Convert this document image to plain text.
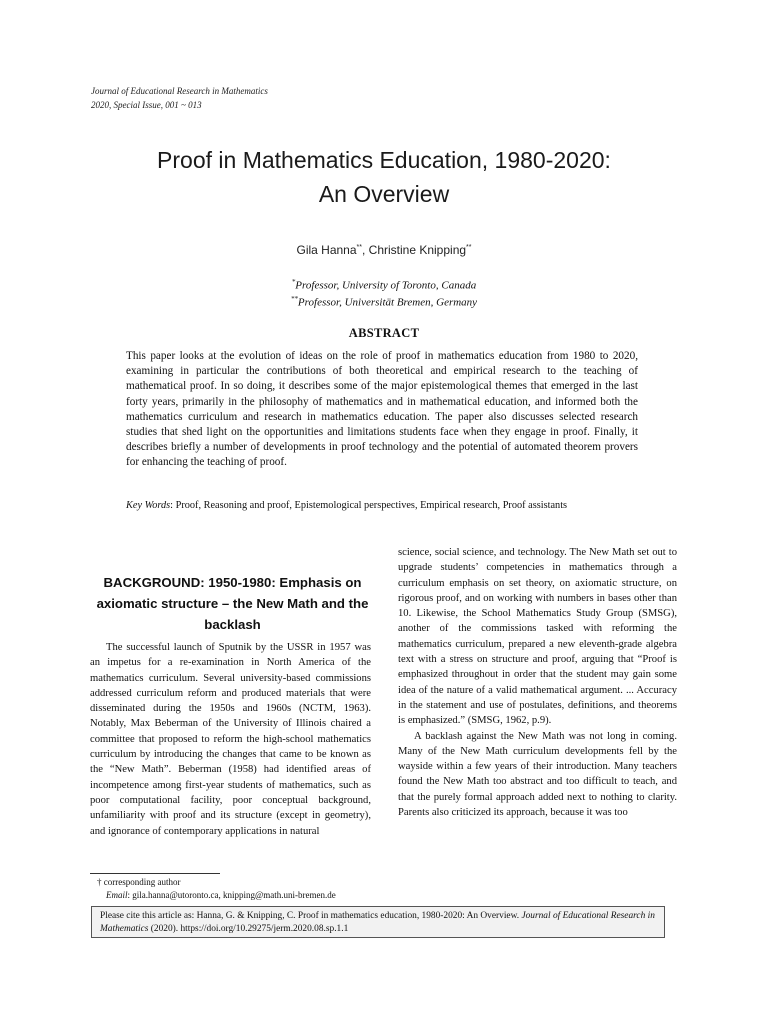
Journal of Educational Research in Mathematics
2020, Special Issue, 001 ~ 013
Proof in Mathematics Education, 1980-2020:
An Overview
Gila Hanna**, Christine Knipping**
*Professor, University of Toronto, Canada
**Professor, Universität Bremen, Germany
ABSTRACT
This paper looks at the evolution of ideas on the role of proof in mathematics education from 1980 to 2020, examining in particular the contributions of both theoretical and empirical research to the teaching of mathematical proof. In so doing, it describes some of the major epistemological themes that emerged in the last forty years, primarily in the philosophy of mathematics and in mathematical education, and informed both the mathematics curriculum and research in mathematics education. The paper also discusses selected research studies that shed light on the opportunities and limitations students face when they engage in proof. Finally, it describes briefly a number of developments in proof technology and the potential of automated theorem provers for enhancing the teaching of proof.
Key Words: Proof, Reasoning and proof, Epistemological perspectives, Empirical research, Proof assistants
BACKGROUND: 1950-1980: Emphasis on axiomatic structure – the New Math and the backlash

The successful launch of Sputnik by the USSR in 1957 was an impetus for a re-examination in North America of the mathematics curriculum. Several university-based commissions addressed curriculum reform and produced materials that were disseminated during the 1950s and 1960s (NCTM, 1963). Notably, Max Beberman of the University of Illinois chaired a committee that proposed to reform the high-school mathematics curriculum by introducing the changes that came to be known as the “New Math”. Beberman (1958) had identified areas of incompetence among first-year students of mathematics, such as poor computational facility, poor conceptual background, unfamiliarity with proof and its structure (except in geometry), and ignorance of contemporary applications in natural

science, social science, and technology. The New Math set out to upgrade students’ competencies in mathematics through a curriculum emphasis on set theory, on axiomatic structure, on rigorous proof, and on working with numbers in bases other than 10. Likewise, the School Mathematics Study Group (SMSG), another of the commissions tasked with reforming the mathematics curriculum, prepared a new eleventh-grade algebra text with a stress on structure and proof, arguing that “Proof is emphasized throughout in order that the student may gain some idea of the nature of a valid mathematical argument. ... Accuracy in the statement and use of postulates, definitions, and theorems is emphasized.” (SMSG, 1962, p.9).

A backlash against the New Math was not long in coming. Many of the New Math curriculum developments fell by the wayside within a few years of their introduction. Many teachers found the New Math too abstract and too difficult to teach, and that the purely formal approach added next to nothing to clarity. Parents also criticized its approach, because it was too

† corresponding author
Email: gila.hanna@utoronto.ca, knipping@math.uni-bremen.de
Please cite this article as: Hanna, G. & Knipping, C. Proof in mathematics education, 1980-2020: An Overview. Journal of Educational Research in Mathematics (2020). https://doi.org/10.29275/jerm.2020.08.sp.1.1
